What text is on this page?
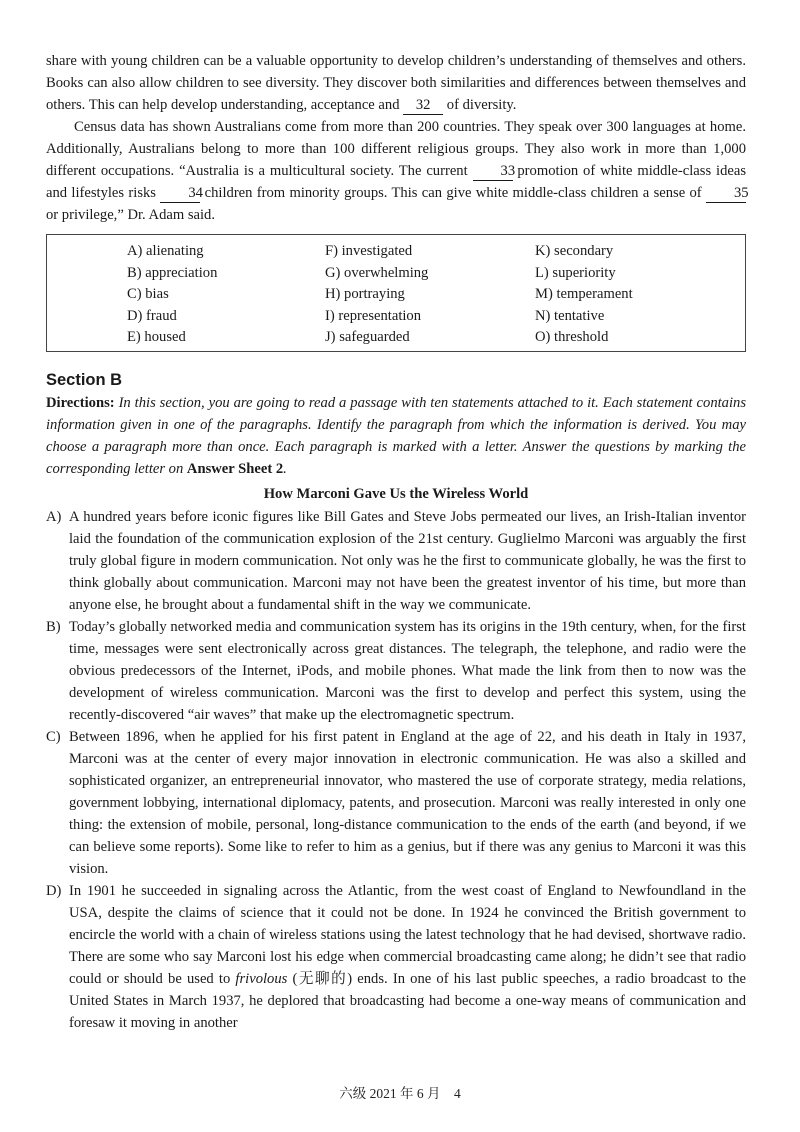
share with young children can be a valuable opportunity to develop children’s understanding of themselves and others. Books can also allow children to see diversity. They discover both similarities and differences between themselves and others. This can help develop understanding, acceptance and 32 of diversity.

Census data has shown Australians come from more than 200 countries. They speak over 300 languages at home. Additionally, Australians belong to more than 100 different religious groups. They also work in more than 1,000 different occupations. “Australia is a multicultural society. The current 33 promotion of white middle-class ideas and lifestyles risks 34 children from minority groups. This can give white middle-class children a sense of 35 or privilege,” Dr. Adam said.

A) alienating
B) appreciation
C) bias
D) fraud
E) housed
F) investigated
G) overwhelming
H) portraying
I) representation
J) safeguarded
K) secondary
L) superiority
M) temperament
N) tentative
O) threshold
Section B
Directions: In this section, you are going to read a passage with ten statements attached to it. Each statement contains information given in one of the paragraphs. Identify the paragraph from which the information is derived. You may choose a paragraph more than once. Each paragraph is marked with a letter. Answer the questions by marking the corresponding letter on Answer Sheet 2.
How Marconi Gave Us the Wireless World
A) A hundred years before iconic figures like Bill Gates and Steve Jobs permeated our lives, an Irish-Italian inventor laid the foundation of the communication explosion of the 21st century. Guglielmo Marconi was arguably the first truly global figure in modern communication. Not only was he the first to communicate globally, he was the first to think globally about communication. Marconi may not have been the greatest inventor of his time, but more than anyone else, he brought about a fundamental shift in the way we communicate.
B) Today’s globally networked media and communication system has its origins in the 19th century, when, for the first time, messages were sent electronically across great distances. The telegraph, the telephone, and radio were the obvious predecessors of the Internet, iPods, and mobile phones. What made the link from then to now was the development of wireless communication. Marconi was the first to develop and perfect this system, using the recently-discovered “air waves” that make up the electromagnetic spectrum.
C) Between 1896, when he applied for his first patent in England at the age of 22, and his death in Italy in 1937, Marconi was at the center of every major innovation in electronic communication. He was also a skilled and sophisticated organizer, an entrepreneurial innovator, who mastered the use of corporate strategy, media relations, government lobbying, international diplomacy, patents, and prosecution. Marconi was really interested in only one thing: the extension of mobile, personal, long-distance communication to the ends of the earth (and beyond, if we can believe some reports). Some like to refer to him as a genius, but if there was any genius to Marconi it was this vision.
D) In 1901 he succeeded in signaling across the Atlantic, from the west coast of England to Newfoundland in the USA, despite the claims of science that it could not be done. In 1924 he convinced the British government to encircle the world with a chain of wireless stations using the latest technology that he had devised, shortwave radio. There are some who say Marconi lost his edge when commercial broadcasting came along; he didn’t see that radio could or should be used to frivolous (无聊的) ends. In one of his last public speeches, a radio broadcast to the United States in March 1937, he deplored that broadcasting had become a one-way means of communication and foresaw it moving in another
六级 2021 年 6 月　4
